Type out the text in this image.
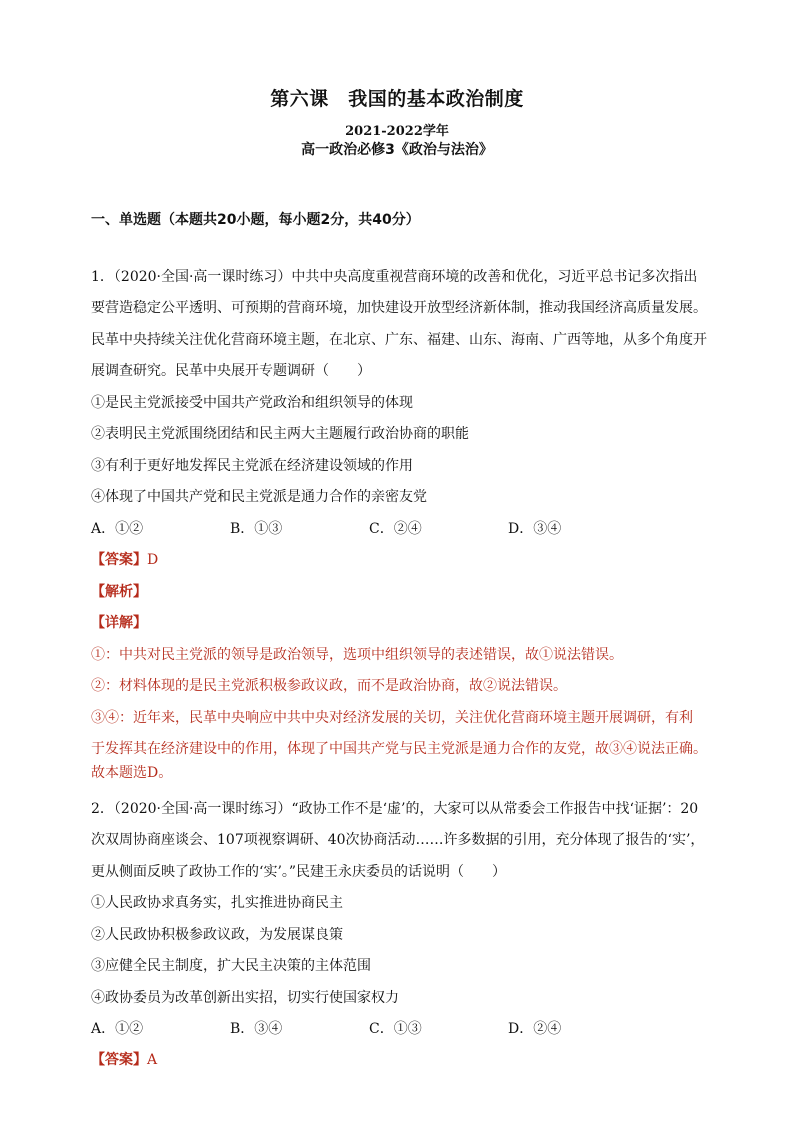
第六课　我国的基本政治制度
2021-2022学年
高一政治必修3《政治与法治》
一、单选题（本题共20小题，每小题2分，共40分）
1．（2020·全国·高一课时练习）中共中央高度重视营商环境的改善和优化，习近平总书记多次指出
要营造稳定公平透明、可预期的营商环境，加快建设开放型经济新体制，推动我国经济高质量发展。
民革中央持续关注优化营商环境主题，在北京、广东、福建、山东、海南、广西等地，从多个角度开
展调查研究。民革中央展开专题调研（　　）
①是民主党派接受中国共产党政治和组织领导的体现
②表明民主党派围绕团结和民主两大主题履行政治协商的职能
③有利于更好地发挥民主党派在经济建设领域的作用
④体现了中国共产党和民主党派是通力合作的亲密友党
A．①②	B．①③	C．②④	D．③④
【答案】D
【解析】
【详解】
①：中共对民主党派的领导是政治领导，选项中组织领导的表述错误，故①说法错误。
②：材料体现的是民主党派积极参政议政，而不是政治协商，故②说法错误。
③④：近年来，民革中央响应中共中央对经济发展的关切，关注优化营商环境主题开展调研，有利
于发挥其在经济建设中的作用，体现了中国共产党与民主党派是通力合作的友党，故③④说法正确。
故本题选D。
2．（2020·全国·高一课时练习）“政协工作不是‘虚’的，大家可以从常委会工作报告中找‘证据’：20
次双周协商座谈会、107项视察调研、40次协商活动……许多数据的引用，充分体现了报告的‘实’，
更从侧面反映了政协工作的‘实’。”民建王永庆委员的话说明（　　）
①人民政协求真务实，扎实推进协商民主
②人民政协积极参政议政，为发展谋良策
③应健全民主制度，扩大民主决策的主体范围
④政协委员为改革创新出实招，切实行使国家权力
A．①②	B．③④	C．①③	D．②④
【答案】A
